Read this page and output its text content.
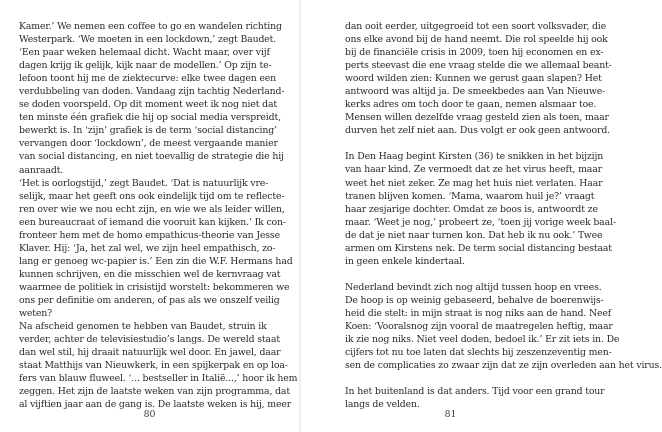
Kamer.’ We nemen een coffee to go en wandelen richting
Westerpark. ‘We moeten in een lockdown,’ zegt Baudet.
‘Een paar weken helemaal dicht. Wacht maar, over vijf
dagen krijg ik gelijk, kijk naar de modellen.’ Op zijn te-
lefoon toont hij me de ziektecurve: elke twee dagen een
verdubbeling van doden. Vandaag zijn tachtig Nederland-
se doden voorspeld. Op dit moment weet ik nog niet dat
ten minste één grafiek die hij op social media verspreidt,
bewerkt is. In ‘zijn’ grafiek is de term ‘social distancing’
vervangen door ‘lockdown’, de meest vergaande manier
van social distancing, en niet toevallig de strategie die hij
aanraadt.
‘Het is oorlogstijd,’ zegt Baudet. ‘Dat is natuurlijk vre-
selijk, maar het geeft ons ook eindelijk tijd om te reflecte-
ren over wie we nou echt zijn, en wie we als leider willen,
een bureaucraat of iemand die vooruit kan kijken.’ Ik con-
fronteer hem met de homo empathicus-theorie van Jesse
Klaver. Hij: ‘Ja, het zal wel, we zijn heel empathisch, zo-
lang er genoeg wc-papier is.’ Een zin die W.F. Hermans had
kunnen schrijven, en die misschien wel de kernvraag vat
waarmee de politiek in crisistijd worstelt: bekommeren we
ons per definitie om anderen, of pas als we onszelf veilig
weten?
Na afscheid genomen te hebben van Baudet, struin ik
verder, achter de televisiestudio’s langs. De wereld staat
dan wel stil, hij draait natuurlijk wel door. En jawel, daar
staat Matthijs van Nieuwkerk, in een spijkerpak en op loa-
fers van blauw fluweel. ‘... bestseller in Italië...,’ hoor ik hem
zeggen. Het zijn de laatste weken van zijn programma, dat
al vijftien jaar aan de gang is. De laatste weken is hij, meer
80
dan ooit eerder, uitgegroeid tot een soort volksvader, die
ons elke avond bij de hand neemt. Die rol speelde hij ook
bij de financiële crisis in 2009, toen hij economen en ex-
perts steevast die ene vraag stelde die we allemaal beant-
woord wilden zien: Kunnen we gerust gaan slapen? Het
antwoord was altijd ja. De smeekbedes aan Van Nieuwe-
kerks adres om toch door te gaan, nemen alsmaar toe.
Mensen willen dezelfde vraag gesteld zien als toen, maar
durven het zelf niet aan. Dus volgt er ook geen antwoord.
In Den Haag begint Kirsten (36) te snikken in het bijzijn
van haar kind. Ze vermoedt dat ze het virus heeft, maar
weet het niet zeker. Ze mag het huis niet verlaten. Haar
tranen blijven komen. ‘Mama, waarom huil je?’ vraagt
haar zesjarige dochter. Omdat ze boos is, antwoordt ze
maar. ‘Weet je nog,’ probeert ze, ‘toen jij vorige week baal-
de dat je niet naar turnen kon. Dat heb ik nu ook.’ Twee
armen om Kirstens nek. De term social distancing bestaat
in geen enkele kindertaal.
Nederland bevindt zich nog altijd tussen hoop en vrees.
De hoop is op weinig gebaseerd, behalve de boerenwijs-
heid die stelt: in mijn straat is nog niks aan de hand. Neef
Koen: ‘Vooralsnog zijn vooral de maatregelen heftig, maar
ik zie nog niks. Niet veel doden, bedoel ik.’ Er zit iets in. De
cijfers tot nu toe laten dat slechts bij zeszenzeventig men-
sen de complicaties zo zwaar zijn dat ze zijn overleden aan het virus.
In het buitenland is dat anders. Tijd voor een grand tour
langs de velden.
81
